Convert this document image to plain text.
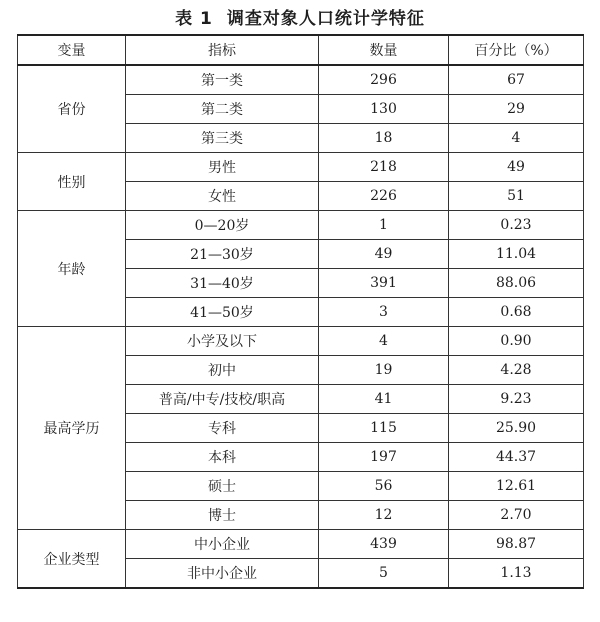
表 1 调查对象人口统计学特征
变量	指标	数量	百分比（%）
省份	第一类	296	67
	第二类	130	29
	第三类	18	4
性别	男性	218	49
	女性	226	51
年龄	0—20岁	1	0.23
	21—30岁	49	11.04
	31—40岁	391	88.06
	41—50岁	3	0.68
最高学历	小学及以下	4	0.90
	初中	19	4.28
	普高/中专/技校/职高	41	9.23
	专科	115	25.90
	本科	197	44.37
	硕士	56	12.61
	博士	12	2.70
企业类型	中小企业	439	98.87
	非中小企业	5	1.13
